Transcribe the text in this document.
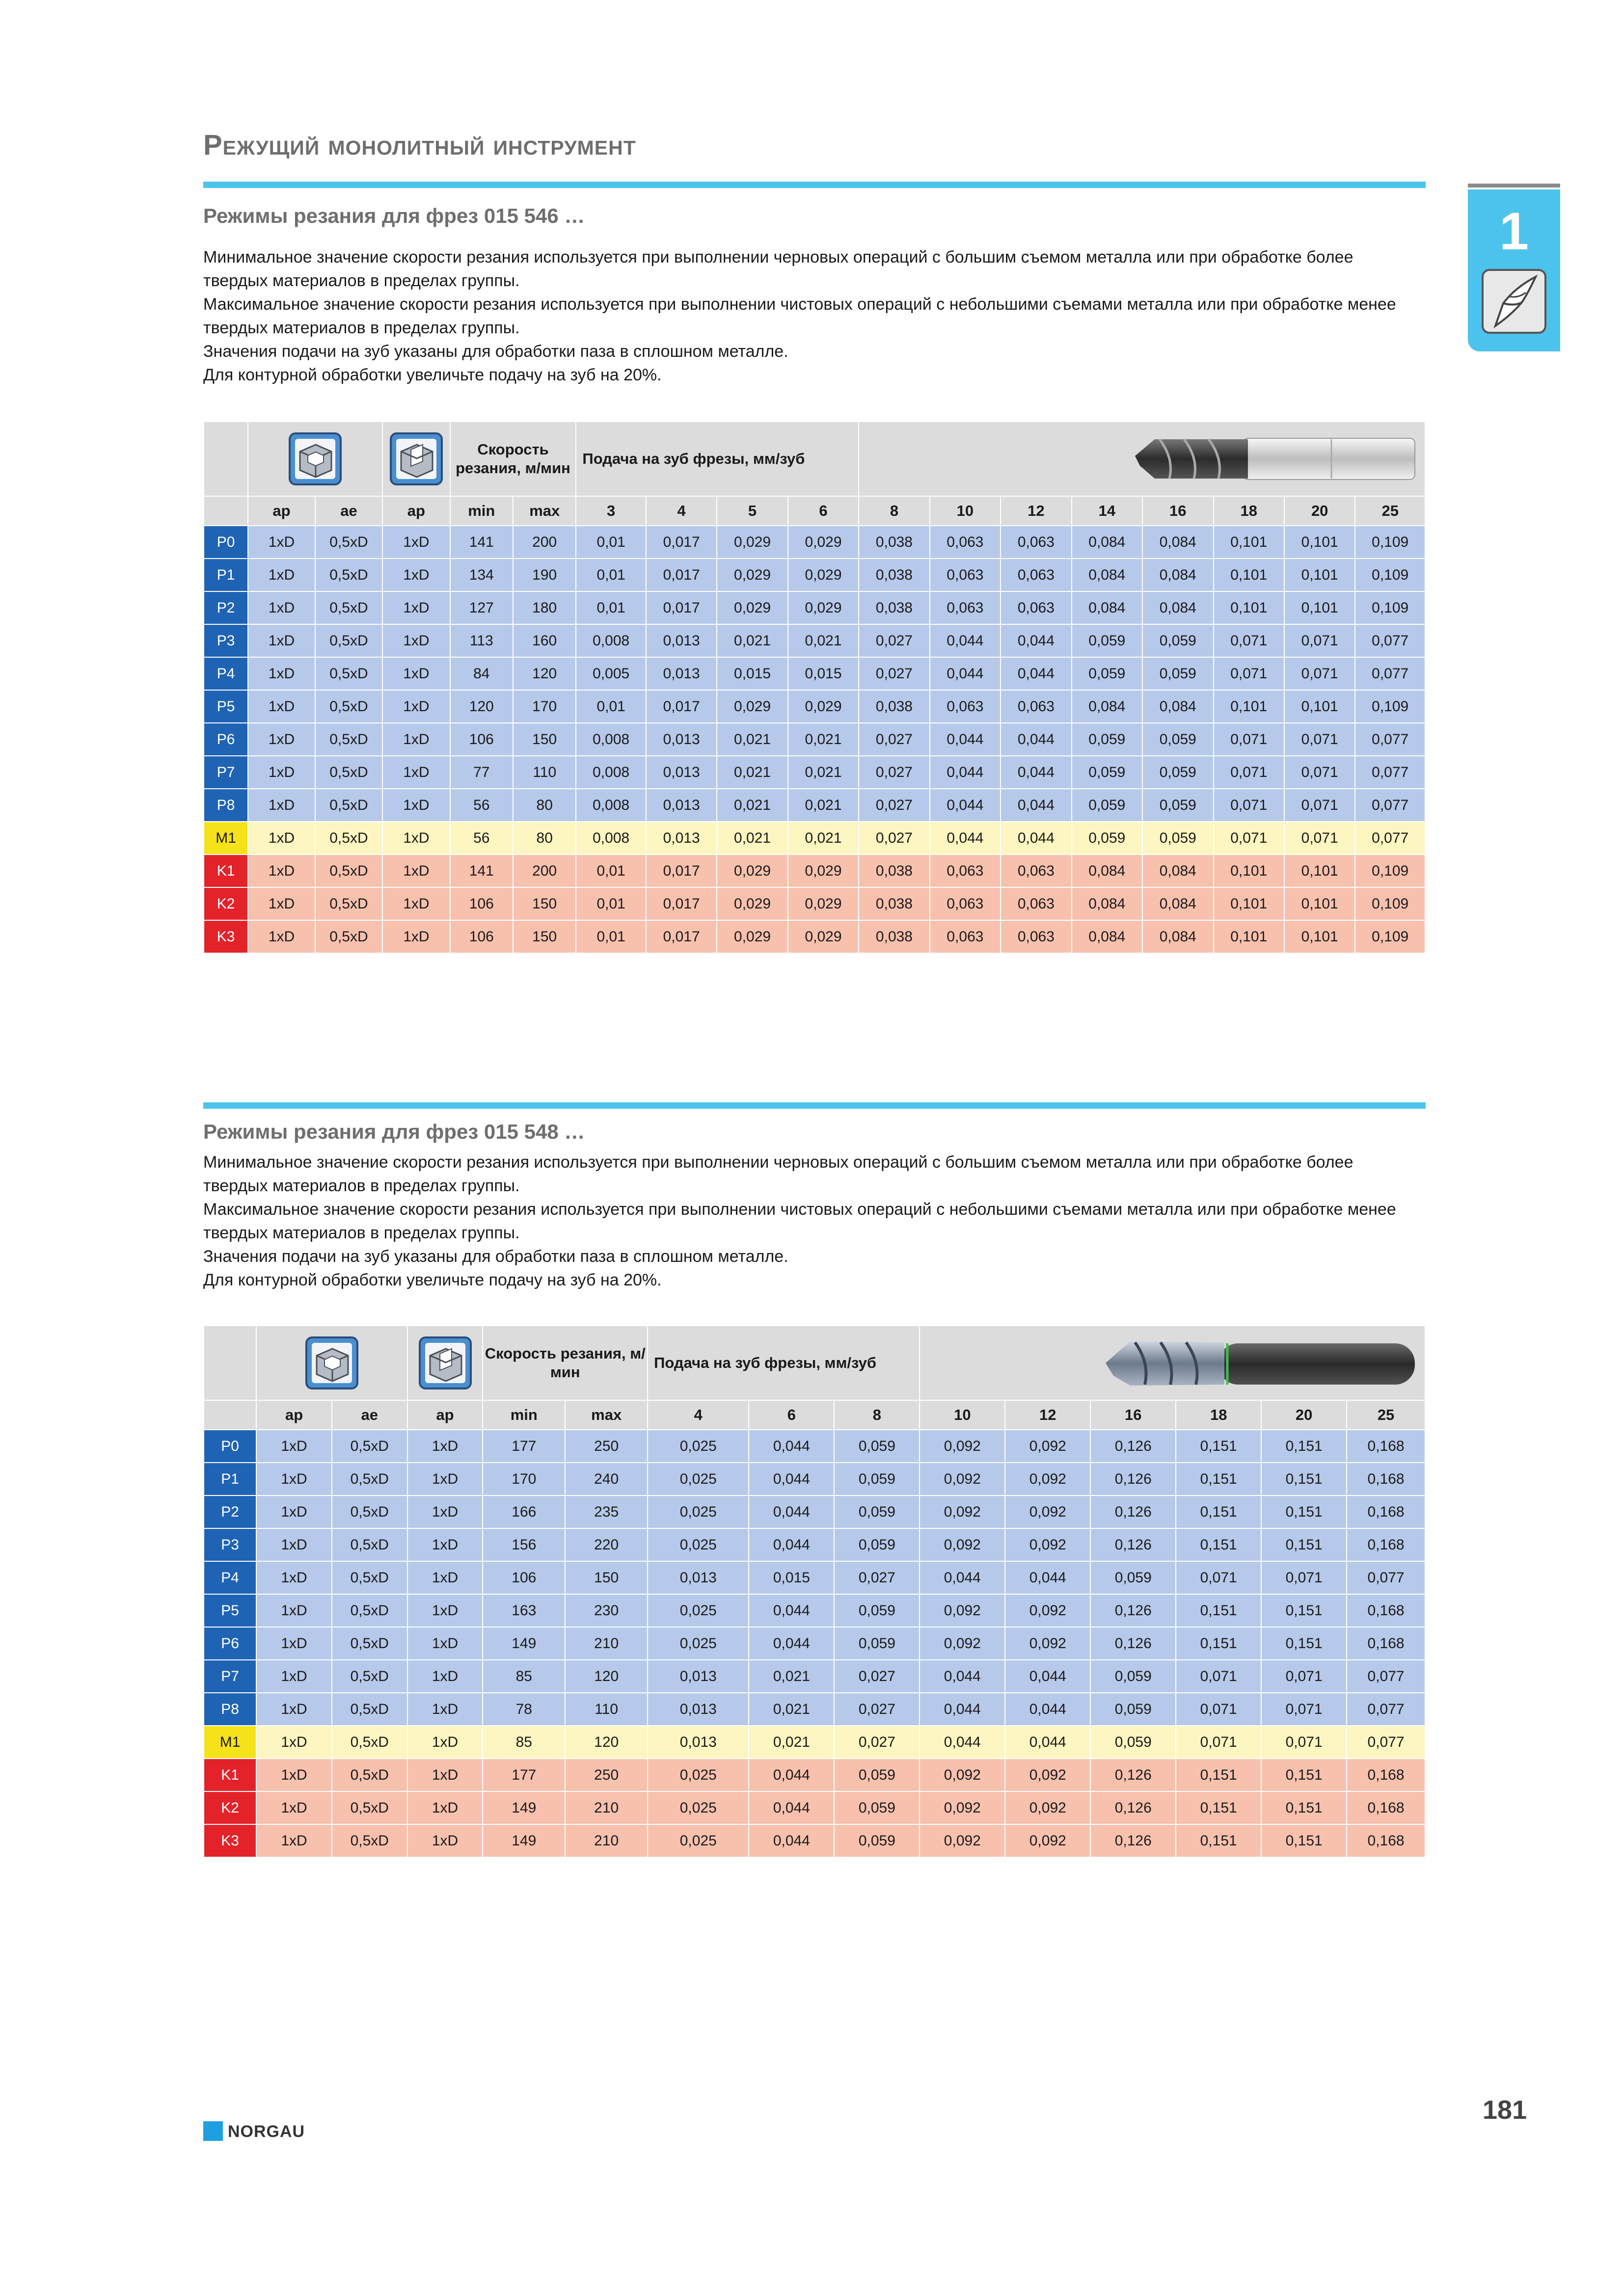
Режущий монолитный инструмент
1
Режимы резания для фрез 015 546 …

Минимальное значение скорости резания используется при выполнении черновых операций с большим съемом металла или при обработке более твердых материалов в пределах группы.

Максимальное значение скорости резания используется при выполнении чистовых операций с небольшими съемами металла или при обработке менее твердых материалов в пределах группы.

Значения подачи на зуб указаны для обработки паза в сплошном металле.

Для контурной обработки увеличьте подачу на зуб на 20%.

			Скорость резания, м/мин		Подача на зуб фрезы, мм/зуб	

	ap	ae	ap	min	max	3	4	5	6	8	10	12	14	16	18	20	25
P0	1xD	0,5xD	1xD	141	200	0,01	0,017	0,029	0,029	0,038	0,063	0,063	0,084	0,084	0,101	0,101	0,109
P1	1xD	0,5xD	1xD	134	190	0,01	0,017	0,029	0,029	0,038	0,063	0,063	0,084	0,084	0,101	0,101	0,109
P2	1xD	0,5xD	1xD	127	180	0,01	0,017	0,029	0,029	0,038	0,063	0,063	0,084	0,084	0,101	0,101	0,109
P3	1xD	0,5xD	1xD	113	160	0,008	0,013	0,021	0,021	0,027	0,044	0,044	0,059	0,059	0,071	0,071	0,077
P4	1xD	0,5xD	1xD	84	120	0,005	0,013	0,015	0,015	0,027	0,044	0,044	0,059	0,059	0,071	0,071	0,077
P5	1xD	0,5xD	1xD	120	170	0,01	0,017	0,029	0,029	0,038	0,063	0,063	0,084	0,084	0,101	0,101	0,109
P6	1xD	0,5xD	1xD	106	150	0,008	0,013	0,021	0,021	0,027	0,044	0,044	0,059	0,059	0,071	0,071	0,077
P7	1xD	0,5xD	1xD	77	110	0,008	0,013	0,021	0,021	0,027	0,044	0,044	0,059	0,059	0,071	0,071	0,077
P8	1xD	0,5xD	1xD	56	80	0,008	0,013	0,021	0,021	0,027	0,044	0,044	0,059	0,059	0,071	0,071	0,077
M1	1xD	0,5xD	1xD	56	80	0,008	0,013	0,021	0,021	0,027	0,044	0,044	0,059	0,059	0,071	0,071	0,077
K1	1xD	0,5xD	1xD	141	200	0,01	0,017	0,029	0,029	0,038	0,063	0,063	0,084	0,084	0,101	0,101	0,109
K2	1xD	0,5xD	1xD	106	150	0,01	0,017	0,029	0,029	0,038	0,063	0,063	0,084	0,084	0,101	0,101	0,109
K3	1xD	0,5xD	1xD	106	150	0,01	0,017	0,029	0,029	0,038	0,063	0,063	0,084	0,084	0,101	0,101	0,109
Режимы резания для фрез 015 548 …

Минимальное значение скорости резания используется при выполнении черновых операций с большим съемом металла или при обработке более твердых материалов в пределах группы.

Максимальное значение скорости резания используется при выполнении чистовых операций с небольшими съемами металла или при обработке менее твердых материалов в пределах группы.

Значения подачи на зуб указаны для обработки паза в сплошном металле.

Для контурной обработки увеличьте подачу на зуб на 20%.

			Скорость резания, м/мин		Подача на зуб фрезы, мм/зуб	

	ap	ae	ap	min	max	4	6	8	10	12	16	18	20	25
P0	1xD	0,5xD	1xD	177	250	0,025	0,044	0,059	0,092	0,092	0,126	0,151	0,151	0,168
P1	1xD	0,5xD	1xD	170	240	0,025	0,044	0,059	0,092	0,092	0,126	0,151	0,151	0,168
P2	1xD	0,5xD	1xD	166	235	0,025	0,044	0,059	0,092	0,092	0,126	0,151	0,151	0,168
P3	1xD	0,5xD	1xD	156	220	0,025	0,044	0,059	0,092	0,092	0,126	0,151	0,151	0,168
P4	1xD	0,5xD	1xD	106	150	0,013	0,015	0,027	0,044	0,044	0,059	0,071	0,071	0,077
P5	1xD	0,5xD	1xD	163	230	0,025	0,044	0,059	0,092	0,092	0,126	0,151	0,151	0,168
P6	1xD	0,5xD	1xD	149	210	0,025	0,044	0,059	0,092	0,092	0,126	0,151	0,151	0,168
P7	1xD	0,5xD	1xD	85	120	0,013	0,021	0,027	0,044	0,044	0,059	0,071	0,071	0,077
P8	1xD	0,5xD	1xD	78	110	0,013	0,021	0,027	0,044	0,044	0,059	0,071	0,071	0,077
M1	1xD	0,5xD	1xD	85	120	0,013	0,021	0,027	0,044	0,044	0,059	0,071	0,071	0,077
K1	1xD	0,5xD	1xD	177	250	0,025	0,044	0,059	0,092	0,092	0,126	0,151	0,151	0,168
K2	1xD	0,5xD	1xD	149	210	0,025	0,044	0,059	0,092	0,092	0,126	0,151	0,151	0,168
K3	1xD	0,5xD	1xD	149	210	0,025	0,044	0,059	0,092	0,092	0,126	0,151	0,151	0,168
NORGAU
181
